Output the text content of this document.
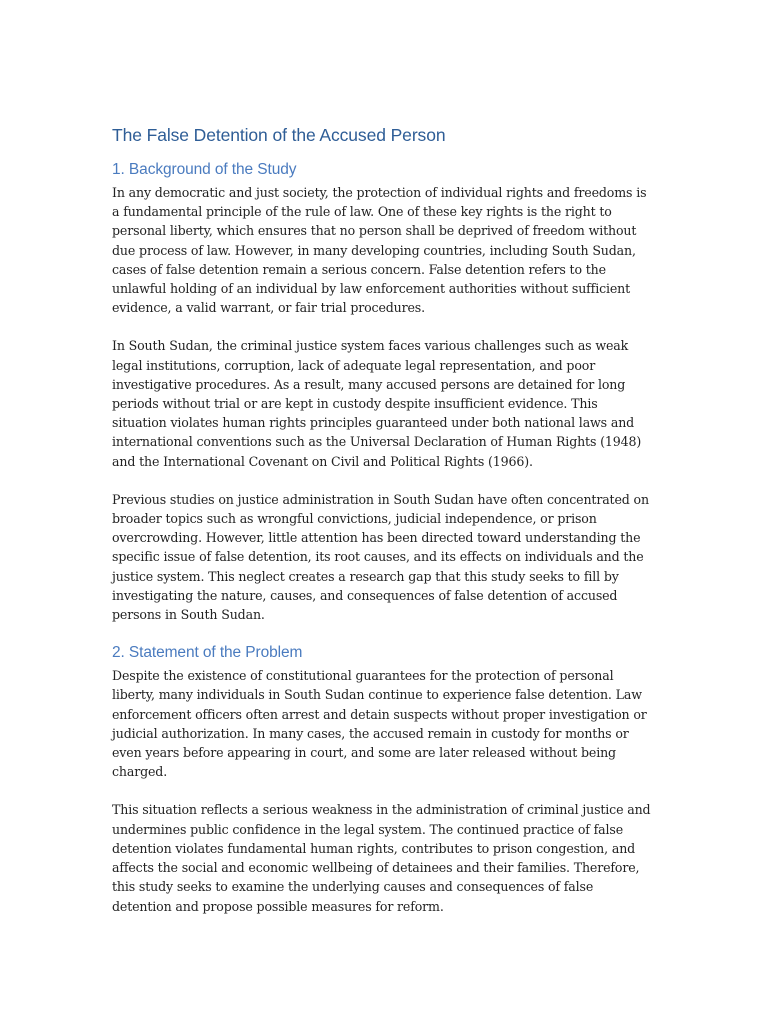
The False Detention of the Accused Person
1. Background of the Study

In any democratic and just society, the protection of individual rights and freedoms is a fundamental principle of the rule of law. One of these key rights is the right to personal liberty, which ensures that no person shall be deprived of freedom without due process of law. However, in many developing countries, including South Sudan, cases of false detention remain a serious concern. False detention refers to the unlawful holding of an individual by law enforcement authorities without sufficient evidence, a valid warrant, or fair trial procedures.

In South Sudan, the criminal justice system faces various challenges such as weak legal institutions, corruption, lack of adequate legal representation, and poor investigative procedures. As a result, many accused persons are detained for long periods without trial or are kept in custody despite insufficient evidence. This situation violates human rights principles guaranteed under both national laws and international conventions such as the Universal Declaration of Human Rights (1948) and the International Covenant on Civil and Political Rights (1966).

Previous studies on justice administration in South Sudan have often concentrated on broader topics such as wrongful convictions, judicial independence, or prison overcrowding. However, little attention has been directed toward understanding the specific issue of false detention, its root causes, and its effects on individuals and the justice system. This neglect creates a research gap that this study seeks to fill by investigating the nature, causes, and consequences of false detention of accused persons in South Sudan.

2. Statement of the Problem

Despite the existence of constitutional guarantees for the protection of personal liberty, many individuals in South Sudan continue to experience false detention. Law enforcement officers often arrest and detain suspects without proper investigation or judicial authorization. In many cases, the accused remain in custody for months or even years before appearing in court, and some are later released without being charged.

This situation reflects a serious weakness in the administration of criminal justice and undermines public confidence in the legal system. The continued practice of false detention violates fundamental human rights, contributes to prison congestion, and affects the social and economic wellbeing of detainees and their families. Therefore, this study seeks to examine the underlying causes and consequences of false detention and propose possible measures for reform.
